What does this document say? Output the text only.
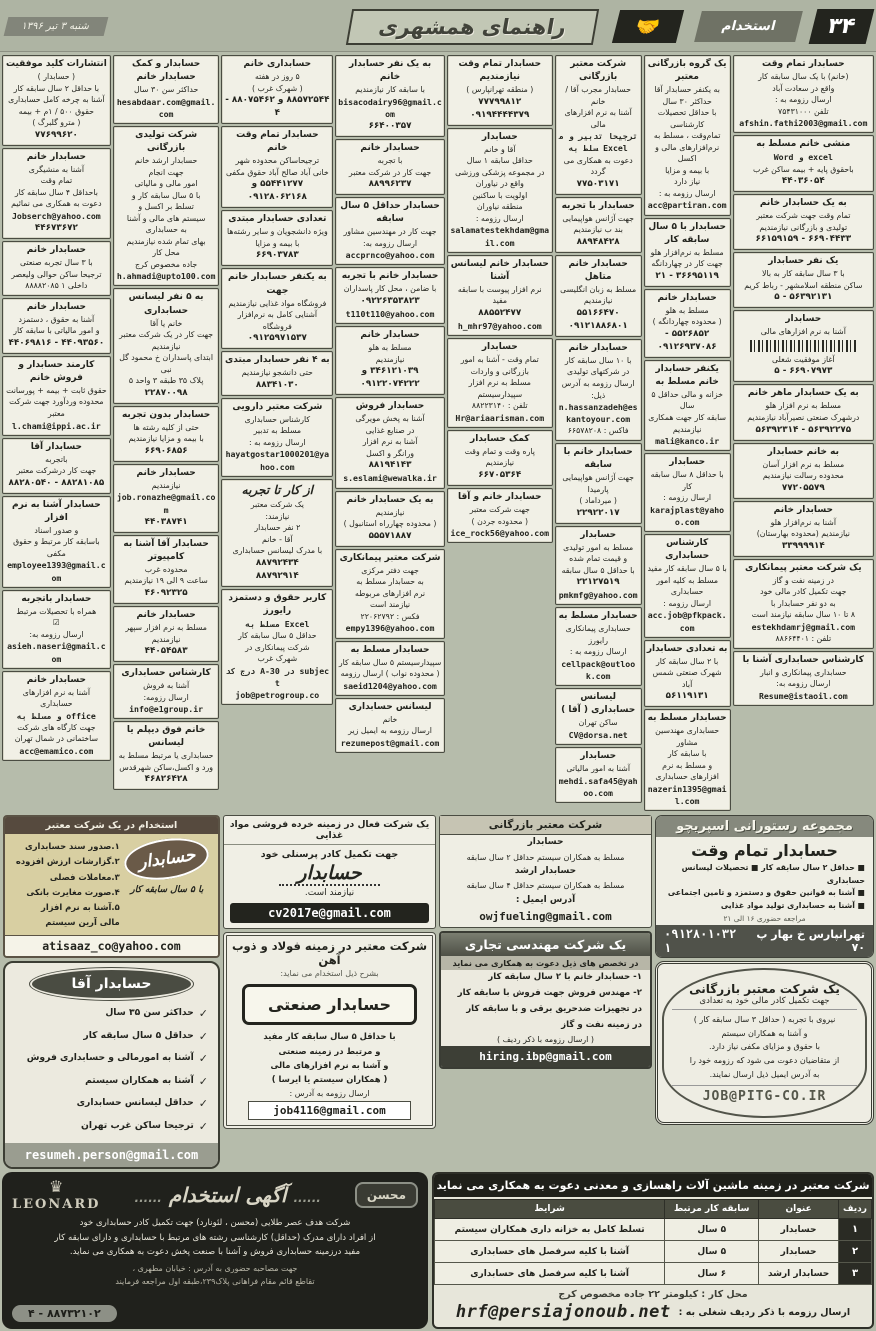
۳۴
استخدام
🤝
راهنمای همشهری
شنبه ۳ تیر ۱۳۹۶
حسابدار تمام وقت
(خانم) با یک سال سابقه کار
واقع در سعادت آباد
ارسال رزومه به :
تلفن ۷۵۴۳۱۰۰۰
afshin.fathi2003@gmail.com
منشی خانم مسلط به
Word و excel
باحقوق پایه + بیمه ساکن غرب
۴۴۰۳۶۰۵۴
به یک حسابدار خانم
تمام وقت جهت شرکت معتبر
تولیدی و بازرگانی نیازمندیم
۶۶۹۰۴۴۳۳ - ۶۶۱۵۹۱۵۹
یک نفر حسابدار
با ۳ سال سابقه کار به بالا
ساکن منطقه اسلامشهر - رباط کریم
۵۶۳۹۲۱۳۱ - ۵
حسابدار
آشنا به نرم افزارهای مالی
آغاز موفقیت شغلی
۶۶۹۰۷۹۷۳ - ۵
به یک حسابدار ماهر خانم
مسلط به نرم افزار هلو
درشهرک صنعتی نصیرآباد نیازمندیم
۵۶۳۹۲۲۷۵ - ۵۶۳۹۲۳۱۴
به خانم حسابدار
مسلط به نرم افزار آسان
محدوده رسالت نیازمندیم
۷۷۲۰۵۵۷۹
حسابدار خانم
آشنا به نرم‌افزار هلو
نیازمندیم (محدوده بهارستان)
۳۳۹۹۹۹۱۴
یک شرکت معتبر پیمانکاری
در زمینه نفت و گاز
جهت تکمیل کادر مالی خود
به دو نفر حسابدار با
۸ تا ۱۰ سال سابقه نیازمند است
estekhdamrj@gmail.com
تلفن : ۸۸۶۶۴۴۰۱
کارشناس حسابداری آشنا با
حسابداری پیمانکاری و انبار
ارسال رزومه به:
Resume@istaoil.com
یک گروه بازرگانی معتبر
به یکنفر حسابدار آقا
حداکثر ۳۰ سال
با حداقل تحصیلات کارشناسی
تمام‌وقت ، مسلط به
نرم‌افزارهای مالی و اکسل
با بیمه و مزایا
نیاز دارد
ارسال رزومه به :
acc@partiran.com
حسابدار با ۵ سال سابقه کار
مسلط به نرم‌افزار هلو
جهت کار در چهاردانگه
۳۶۶۹۵۱۱۹ - ۲۱
حسابدار خانم
مسلط به هلو
( محدوده چهاردانگه )
۵۵۲۶۸۵۲ - ۰۹۱۲۶۹۳۷۰۸۶
یکنفر حسابدار خانم مسلط به
خزانه و مالی حداقل ۵ سال
سابقه کار جهت همکاری نیازمندیم
mali@kanco.ir
حسابدار
با حداقل ۸ سال سابقه کار
ارسال رزومه :
karajplast@yahoo.com
کارشناس حسابداری
با ۵ سال سابقه کار مفید
مسلط به کلیه امور حسابداری
ارسال رزومه :
acc.job@pfkpack.com
به تعدادی حسابدار
با ۲ سال سابقه کار
شهرک صنعتی شمس آباد
۵۶۱۱۹۱۳۱
حسابدار مسلط به
حسابداری مهندسین مشاور
با سابقه کار
و مسلط به نرم افزارهای حسابداری
nazerin1395@gmail.com
شرکت معتبر بازرگانی
حسابدار مجرب آقا / خانم
آشنا به نرم افزارهای مالی
ترجیحا تدبیر و مسلط به Excel
دعوت به همکاری می گردد
۷۷۵۰۳۱۷۱
حسابدار با تجربه
جهت آژانس هواپیمایی
بند ب نیازمندیم
۸۸۹۴۸۴۲۸
حسابدار خانم متاهل
مسلط به زبان انگلیسی نیازمندیم
۵۵۱۶۶۴۷۰
۰۹۱۲۱۸۸۶۸۰۱
حسابدار خانم
با ۱۰ سال سابقه کار
در شرکتهای تولیدی
ارسال رزومه به آدرس ذیل:
n.hassanzadeh@eskantoyour.com
فاکس : ۶۶۵۷۸۲۰۸
حسابدار خانم با سابقه
جهت آژانس هواپیمایی پارمیدا
( میرداماد )
۲۲۹۲۲۰۱۷
حسابدار
مسلط به امور تولیدی
و قیمت تمام شده
با حداقل ۵ سال سابقه
۲۲۱۲۷۵۱۹
pmkmfg@yahoo.com
حسابدار مسلط به
حسابداری پیمانکاری رایورز
ارسال رزومه به :
cellpack@outlook.com
لیسانس حسابداری ( آقا )
ساکن تهران
CV@dorsa.net
حسابدار
آشنا به امور مالیاتی
mehdi.safa45@yahoo.com
حسابدار تمام وقت نیازمندیم
( منطقه تهرانپارس )
۷۷۷۹۹۸۱۲
۰۹۱۹۴۴۴۴۳۷۹
حسابدار
آقا و خانم
حداقل سابقه ۱ سال
در مجموعه پزشکی ورزشی
واقع در نیاوران
اولویت با ساکنین
منطقه نیاوران
ارسال رزومه :
salamatestekhdam@gmail.com
حسابدار خانم لیسانس آشنا
نرم افزار پیوست با سابقه مفید
۸۸۵۵۲۴۷۷
h_mhr97@yahoo.com
حسابدار
تمام وقت - آشنا به امور
بازرگانی و واردات
مسلط به نرم افزار سپیدارسیستم
تلفن : ۸۸۲۲۳۱۴۰
Hr@ariaarisman.com
کمک حسابدار
پاره وقت و تمام وقت
نیازمندیم
۶۶۷۰۵۳۶۴
حسابدار خانم و آقا
جهت شرکت معتبر
( محدوده جردن )
ice_rock56@yahoo.com
به یک نفر حسابدار خانم
با سابقه کار نیازمندیم
bisacodairy96@gmail.com
۶۶۴۰۰۳۵۷
حسابدار خانم
با تجربه
جهت کار در شرکت معتبر
۸۸۹۹۶۲۳۷
حسابدار حداقل ۵ سال سابقه
جهت کار در مهندسین مشاور
ارسال رزومه به:
accprnco@yahoo.com
حسابدار خانم با تجربه
با ضامن ، محل کار پاسداران
۰۹۲۲۶۳۵۳۸۲۳
t110t110@yahoo.com
حسابدار خانم
مسلط به هلو
نیازمندیم
۳۴۶۱۲۱۰۳۹ و ۰۹۱۲۲۰۷۴۲۲۲
حسابدار فروش
آشنا به پخش مویرگی
در صنایع غذایی
آشنا به نرم افزار
ورانگر و اکسل
۸۸۱۹۴۱۴۳
s.eslami@wewalka.ir
به یک حسابدار خانم
نیازمندیم
( محدوده چهارراه استانبول )
۵۵۵۷۱۸۸۷
شرکت معتبر پیمانکاری
جهت دفتر مرکزی
به حسابدار مسلط به
نرم افزارهای مربوطه
نیازمند است
فکس : ۲۲۰۶۲۷۹۲
empy1396@yahoo.com
حسابدار مسلط به
سپیدارسیستم ۵ سال سابقه کار
( محدوده نواب ) ارسال رزومه
saeid1204@yahoo.com
لیسانس حسابداری
خانم
ارسال رزومه به ایمیل زیر
rezumepost@gmail.com
حسابداری خانم
۵ روز در هفته
( شهرک غرب )
۸۸۵۷۲۵۴۴ و ۸۸۰۷۵۴۶۲ - ۴
حسابدار تمام وقت خانم
ترجیحاساکن محدوده شهر
خانی آباد صالح آباد حقوق مکفی
۵۵۴۴۱۲۷۷ و ۰۹۱۲۸۰۶۲۱۶۸
تعدادی حسابدار مبتدی
ویژه دانشجویان و سایر رشته‌ها
با بیمه و مزایا
۶۶۹۰۳۷۸۳
به یکنفر حسابدار خانم جهت
فروشگاه مواد غذایی نیازمندیم
آشنایی کامل به نرم‌افزار فروشگاه
۰۹۱۲۵۹۷۱۵۳۷
به ۴ نفر حسابدار مبتدی
حتی دانشجو نیازمندیم
۸۸۳۴۱۰۳۰
شرکت معتبر دارویی
کارشناس حسابداری
مسلط به تدبیر
ارسال رزومه به :
hayatgostar1000201@yahoo.com
از کار تا تجربه
یک شرکت معتبر
نیازمند:
۲ نفر حسابدار
آقا - خانم
با مدرک لیسانس حسابداری
۸۸۷۹۲۴۳۴
۸۸۷۹۲۹۱۴
کاربر حقوق و دستمزد رایورز
مسلط به Excel
حداقل ۵ سال سابقه کار
شرکت پیمانکاری در
شهرک غرب
درج کد A-30 در subject
job@petrogroup.co
حسابدار و کمک حسابدار خانم
حداکثر سن ۳۰ سال
hesabdaar.com@gmail.com
شرکت تولیدی بازرگانی
حسابدار ارشد خانم
جهت انجام
امور مالی و مالیاتی
با ۵ سال سابقه کار و
تسلط بر اکسل و
سیستم های مالی و آشنا
به حسابداری
بهای تمام شده نیازمندیم
محل کار
جاده مخصوص کرج
h.ahmadi@upto100.com
به ۵ نفر لیسانس حسابداری
خانم یا آقا
جهت کار در یک شرکت معتبر
نیازمندیم
ابتدای پاسداران خ محمود گل نبی
پلاک ۳۵ طبقه ۳ واحد ۵
۲۲۸۷۰۰۹۸
حسابدار بدون تجربه
حتی از کلیه رشته ها
با بیمه و مزایا نیازمندیم
۶۶۹۰۶۸۵۶
حسابدار خانم
نیازمندیم
job.ronazhe@gmail.com
۴۴۰۳۸۷۴۱
حسابدار آقا آشنا به کامپیوتر
محدوده غرب
ساعت ۹ الی ۱۹ نیازمندیم
۴۶۰۹۲۳۲۵
حسابدار خانم
مسلط به نرم افزار سپهر
نیازمندیم
۴۴۰۵۴۵۸۳
کارشناس حسابداری
آشنا به فروش
ارسال رزومه:
info@e1group.ir
خانم فوق دیپلم یا لیسانس
حسابداری یا مرتبط مسلط به
ورد و اکسل،ساکن شهرقدس
۴۶۸۲۶۴۲۸
انتشارات کلید موفقیت
( حسابدار )
با حداقل ۲ سال سابقه کار
آشنا به چرخه کامل حسابداری
حقوق ۵۰۰ / ۱م + بیمه
( مترو گلبرگ )
۷۷۶۹۹۶۲۰
حسابدار خانم
آشنا به منشیگری
تمام وقت
باحداقل ۴ سال سابقه کار
دعوت به همکاری می نمائیم
Jobserch@yahoo.com
۴۴۶۷۳۶۷۲
حسابدار خانم
با ۳ سال تجربه صنعتی
ترجیحا ساکن حوالی ولیعصر
داخلی ۱ ۸۸۸۸۲۰۸۵
حسابدار خانم
آشنا به حقوق ، دستمزد
و امور مالیاتی با سابقه کار
۴۴۰۹۳۵۶۰ - ۴۴۰۶۹۸۱۶
کارمند حسابدار و فروش خانم
حقوق ثابت + بیمه + پورسانت
محدوده وردآورد جهت شرکت معتبر
l.chami@ippi.ac.ir
حسابدار آقا
باتجربه
جهت کار درشرکت معتبر
۸۸۲۸۱۰۸۵ - ۸۸۲۸۰۵۴۰
حسابدار آشنا به نرم افزار
و صدور اسناد
باسابقه کار مرتبط و حقوق مکفی
employee1393@gmail.com
حسابدار باتجربه
همراه با تحصیلات مرتبط
☑
ارسال رزومه به:
asieh.naseri@gmail.com
حسابدار خانم
آشنا به نرم افزارهای
حسابداری
و مسلط به office
جهت کارگاه های شرکت
ساختمانی در شمال تهران
acc@emamico.com
مجموعه رستورانی اسپریچو
حسابدار تمام وقت
■ حداقل ۲ سال سابقه کار ■ تحصیلات لیسانس حسابداری
■ آشنا به قوانین حقوق و دستمزد و تامین اجتماعی
■ آشنا به حسابداری تولید مواد غذایی
مراجعه حضوری ۱۶ الی ۲۱
تهرانپارس خ بهار پ ۷۰
۰۹۱۲۸۰۱۰۳۲۱
یک شرکت معتبر بازرگانی
جهت تکمیل کادر مالی خود به تعدادی
نیروی با تجربه ( حداقل ۳ سال سابقه کار )
و آشنا به همکاران سیستم
با حقوق و مزایای مکفی نیاز دارد.
از متقاضیان دعوت می شود که رزومه خود را
به آدرس ایمیل ذیل ارسال نمایند.
JOB@PITG-CO.IR
شرکت معتبر بازرگانی
حسابدار
مسلط به همکاران سیستم حداقل ۲ سال سابقه
حسابدار ارشد
مسلط به همکاران سیستم حداقل ۴ سال سابقه
آدرس ایمیل :
owjfueling@gmail.com
یک شرکت مهندسی تجاری
در تخصص های ذیل دعوت به همکاری می نماید
۱- حسابدار خانم با ۲ سال سابقه کار
۲- مهندس فروش جهت فروش با سابقه کار
در تجهیزات ضدحریق برقی و با سابقه کار
در زمینه نفت و گاز
( ارسال رزومه با ذکر ردیف )
hiring.ibp@gmail.com
یک شرکت فعال در زمینه خرده فروشی مواد غذایی
جهت تکمیل کادر پرسنلی خود
حسابدار
نیازمند است.
cv2017e@gmail.com
شرکت معتبر در زمینه فولاد و ذوب آهن
بشرح ذیل استخدام می نماید:
حسابدار صنعتی
با حداقل ۵ سال سابقه کار مفید
و مرتبط در زمینه صنعتی
و آشنا به نرم افزارهای مالی
( همکاران سیستم یا ایرسا )
ارسال رزومه به آدرس :
job4116@gmail.com
استخدام در یک شرکت معتبر
حسابدار
با ۵ سال سابقه کار
۱.صدور سند حسابداری
۲.گزارشات ارزش افزوده
۳.معاملات فصلی
۴.صورت مغایرت بانکی
۵.آشنا به نرم افزار
مالی آرین سیستم
atisaaz_co@yahoo.com
حسابدار آقا
✓
حداکثر سن ۳۵ سال
✓
حداقل ۵ سال سابقه کار
✓
آشنا به امورمالی و حسابداری فروش
✓
آشنا به همکاران سیستم
✓
حداقل لیسانس حسابداری
✓
ترجیحا ساکن غرب تهران
resumeh.person@gmail.com
شرکت معتبر در زمینه ماشین آلات راهسازی و معدنی دعوت به همکاری می نماید
ردیف	عنوان	سابقه کار مرتبط	شرایط
۱	حسابدار	۵ سال	تسلط کامل به خزانه داری همکاران سیستم
۲	حسابدار	۵ سال	آشنا با کلیه سرفصل های حسابداری
۳	حسابدار ارشد	۶ سال	آشنا با کلیه سرفصل های حسابداری
محل کار : کیلومتر ۲۲ جاده مخصوص کرج
ارسال رزومه با ذکر ردیف شغلی به :
hrf@persiajonoub.net
محسن
...... آگهی استخدام ......
♛
LEONARD
شرکت هدف عصر طلایی (محسن ، لئونارد) جهت تکمیل کادر حسابداری خود
از افراد دارای مدرک (حداقل) کارشناسی رشته های مرتبط با حسابداری و دارای سابقه کار
مفید درزمینه حسابداری فروش و آشنا با صنعت پخش دعوت به همکاری می نماید.
جهت مصاحبه حضوری به آدرس : خیابان مطهری ،
تقاطع قائم مقام فراهانی پلاک۲۳۹،طبقه اول مراجعه فرمایند
۸۸۷۳۲۱۰۲ - ۴
